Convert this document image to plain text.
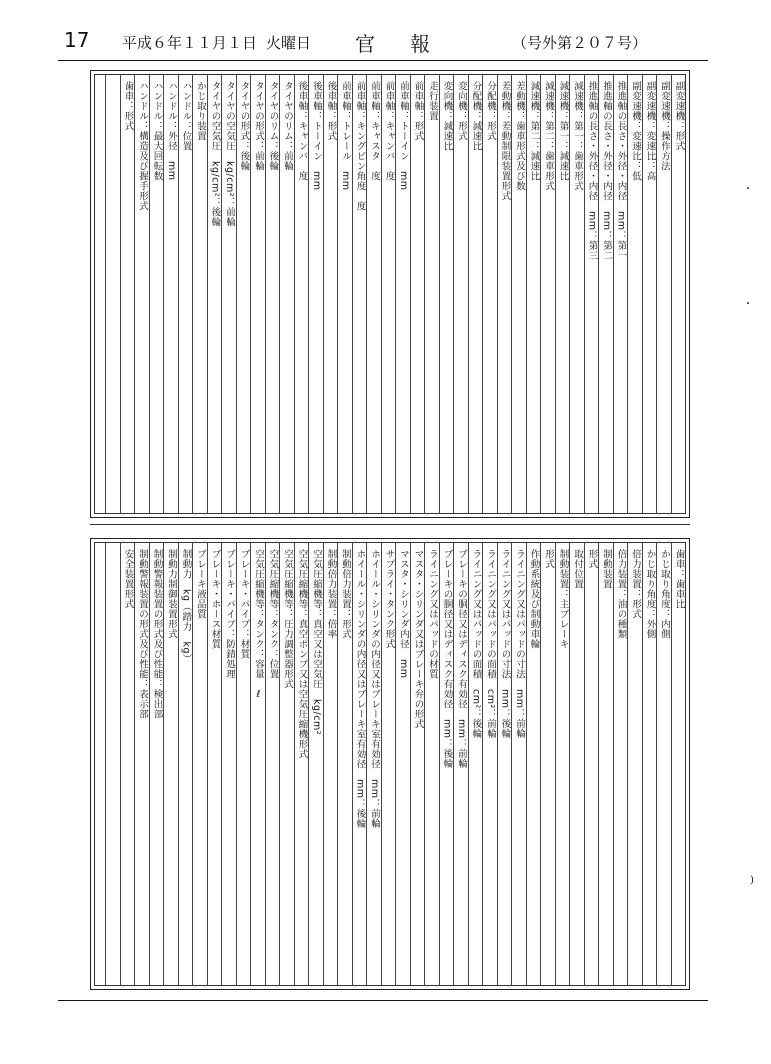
17 平成６年１１月１日 火曜日 官 報	（号外第２０７号）
副変速機：形式
副変速機：操作方法
副変速機：変速比：高
副変速機：変速比：低
推進軸の長さ・外径・内径　mm：第一
推進軸の長さ・外径・内径　mm：第二
推進軸の長さ・外径・内径　mm：第三
減速機：第一：歯車形式
減速機：第一：減速比
減速機：第二：歯車形式
減速機：第二：減速比
差動機：歯車形式及び数
差動機：差動制限装置形式
分配機：形式
分配機：減速比
変向機：形式
変向機：減速比
走行装置
前車軸：形式
前車軸：トーイン　mm
前車軸：キャンバ　度
前車軸：キャスタ　度
前車軸：キングピン角度　度
前車軸：トレール　mm
後車軸：形式
後車軸：トーイン　mm
後車軸：キャンバ　度
タイヤのリム：前輪
タイヤのリム：後輪
タイヤの形式：前輪
タイヤの形式：後輪
タイヤの空気圧　kg/cm²：前輪
タイヤの空気圧　kg/cm²：後輪
かじ取り装置
ハンドル：位置
ハンドル：外径　mm
ハンドル：最大回転数
ハンドル：構造及び握手形式
歯車：形式
歯車：歯車比
かじ取り角度：内側
かじ取り角度：外側
倍力装置：形式
倍力装置：油の種類
制動装置
形式
取付位置
制動装置：主ブレーキ
形式
作動系統及び制動車輪
ライニング又はパッドの寸法　mm：前輪
ライニング又はパッドの寸法　mm：後輪
ライニング又はパッドの面積　cm²：前輪
ライニング又はパッドの面積　cm²：後輪
ブレーキの胴径又はディスク有効径　mm：前輪
ブレーキの胴径又はディスク有効径　mm：後輪
ライニング又はパッドの材質
マスタ・シリンダ又はブレーキ弁の形式
マスタ・シリンダ内径　mm
サプライ・タンク形式
ホイール・シリンダの内径又はブレーキ室有効径　mm：前輪
ホイール・シリンダの内径又はブレーキ室有効径　mm：後輪
制動倍力装置：形式
制動倍力装置：倍率
空気圧縮機等：真空又は空気圧　kg/cm²
空気圧縮機等：真空ポンプ又は空気圧縮機形式
空気圧縮機等：圧力調整器形式
空気圧縮機等：タンク：位置
空気圧縮機等：タンク：容量　ℓ
ブレーキ・パイプ：材質
ブレーキ・パイプ：防錆処理
ブレーキ・ホース材質
ブレーキ液品質
制動力　kg（踏力　kg）
制動力制御装置形式
制動警報装置の形式及び性能：検出部
制動警報装置の形式及び性能：表示部
安全装置形式
)
・
・
